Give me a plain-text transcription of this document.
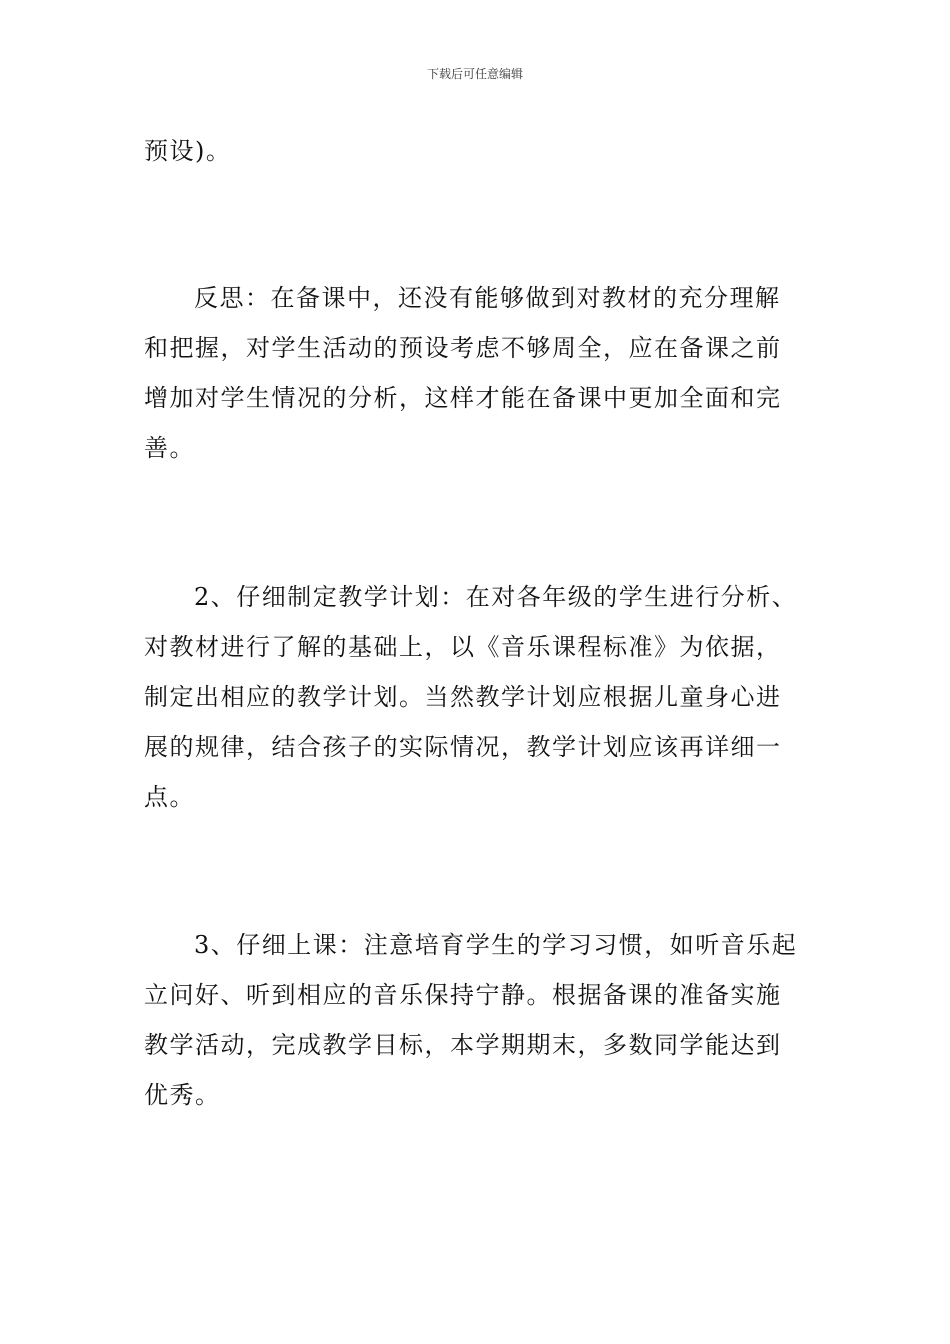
下载后可任意编辑
预设)。
反思：在备课中，还没有能够做到对教材的充分理解
和把握，对学生活动的预设考虑不够周全，应在备课之前
增加对学生情况的分析，这样才能在备课中更加全面和完
善。
2、仔细制定教学计划：在对各年级的学生进行分析、
对教材进行了解的基础上，以《音乐课程标准》为依据，
制定出相应的教学计划。当然教学计划应根据儿童身心进
展的规律，结合孩子的实际情况，教学计划应该再详细一
点。
3、仔细上课：注意培育学生的学习习惯，如听音乐起
立问好、听到相应的音乐保持宁静。根据备课的准备实施
教学活动，完成教学目标，本学期期末，多数同学能达到
优秀。
